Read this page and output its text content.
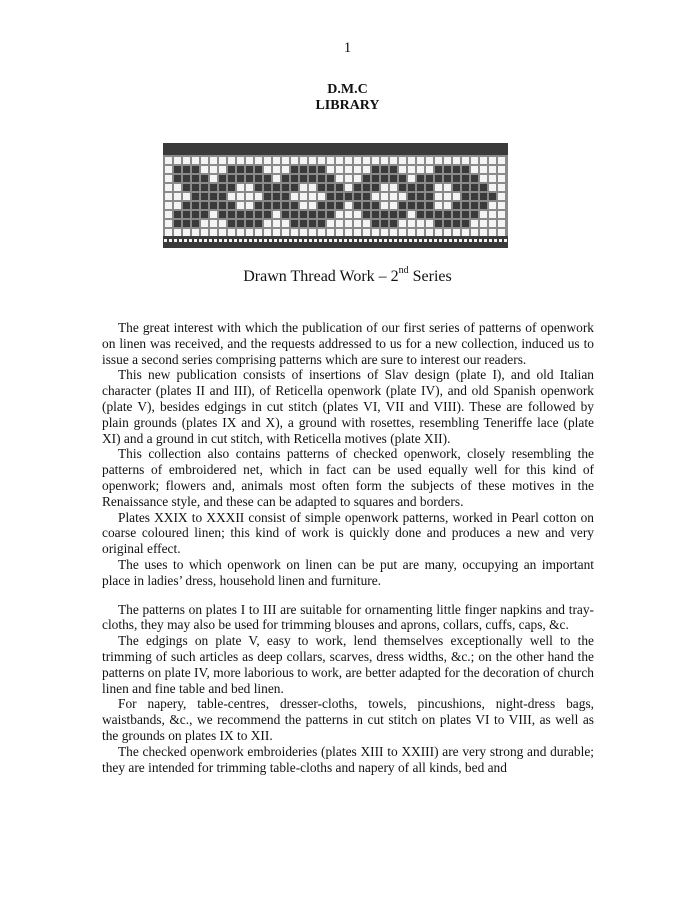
1
D.M.C
LIBRARY
Drawn Thread Work – 2nd Series

The great interest with which the publication of our first series of patterns of openwork on linen was received, and the requests addressed to us for a new collection, induced us to issue a second series comprising patterns which are sure to interest our readers.

This new publication consists of insertions of Slav design (plate I), and old Italian character (plates II and III), of Reticella openwork (plate IV), and old Spanish openwork (plate V), besides edgings in cut stitch (plates VI, VII and VIII). These are followed by plain grounds (plates IX and X), a ground with rosettes, resembling Teneriffe lace (plate XI) and a ground in cut stitch, with Reticella motives (plate XII).

This collection also contains patterns of checked openwork, closely resembling the patterns of embroidered net, which in fact can be used equally well for this kind of openwork; flowers and, animals most often form the subjects of these motives in the Renaissance style, and these can be adapted to squares and borders.

Plates XXIX to XXXII consist of simple openwork patterns, worked in Pearl cotton on coarse coloured linen; this kind of work is quickly done and produces a new and very original effect.

The uses to which openwork on linen can be put are many, occupying an important place in ladies’ dress, household linen and furniture.

The patterns on plates I to III are suitable for ornamenting little finger napkins and tray-cloths, they may also be used for trimming blouses and aprons, collars, cuffs, caps, &c.

The edgings on plate V, easy to work, lend themselves exceptionally well to the trimming of such articles as deep collars, scarves, dress widths, &c.; on the other hand the patterns on plate IV, more laborious to work, are better adapted for the decoration of church linen and fine table and bed linen.

For napery, table-centres, dresser-cloths, towels, pincushions, night-dress bags, waistbands, &c., we recommend the patterns in cut stitch on plates VI to VIII, as well as the grounds on plates IX to XII.

The checked openwork embroideries (plates XIII to XXIII) are very strong and durable; they are intended for trimming table-cloths and napery of all kinds, bed and
